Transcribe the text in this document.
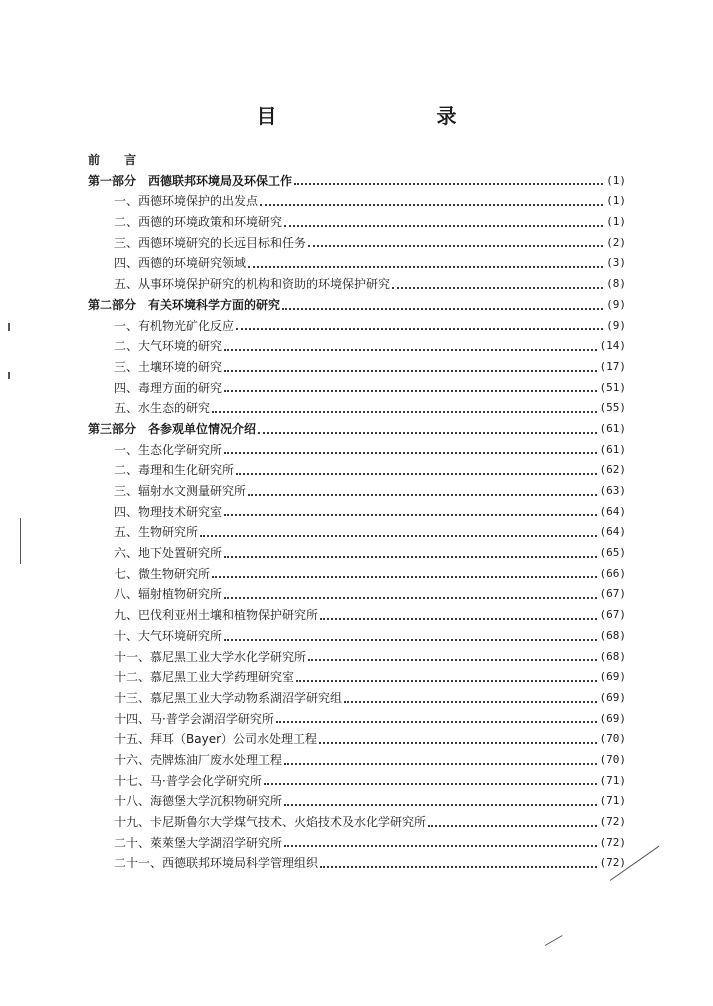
目　录
前 言
第一部分　西德联邦环境局及环保工作	(1)
一、西德环境保护的出发点	(1)
二、西德的环境政策和环境研究	(1)
三、西德环境研究的长远目标和任务	(2)
四、西德的环境研究领域	(3)
五、从事环境保护研究的机构和资助的环境保护研究	(8)
第二部分　有关环境科学方面的研究	(9)
一、有机物光矿化反应	(9)
二、大气环境的研究	(14)
三、土壤环境的研究	(17)
四、毒理方面的研究	(51)
五、水生态的研究	(55)
第三部分　各参观单位情况介绍	(61)
一、生态化学研究所	(61)
二、毒理和生化研究所	(62)
三、辐射水文测量研究所	(63)
四、物理技术研究室	(64)
五、生物研究所	(64)
六、地下处置研究所	(65)
七、微生物研究所	(66)
八、辐射植物研究所	(67)
九、巴伐利亚州土壤和植物保护研究所	(67)
十、大气环境研究所	(68)
十一、慕尼黑工业大学水化学研究所	(68)
十二、慕尼黑工业大学药理研究室	(69)
十三、慕尼黑工业大学动物系湖沼学研究组	(69)
十四、马·普学会湖沼学研究所	(69)
十五、拜耳（Bayer）公司水处理工程	(70)
十六、壳牌炼油厂废水处理工程	(70)
十七、马·普学会化学研究所	(71)
十八、海德堡大学沉积物研究所	(71)
十九、卡尼斯鲁尔大学煤气技术、火焰技术及水化学研究所	(72)
二十、萊萊堡大学湖沼学研究所	(72)
二十一、西德联邦环境局科学管理组织	(72)
